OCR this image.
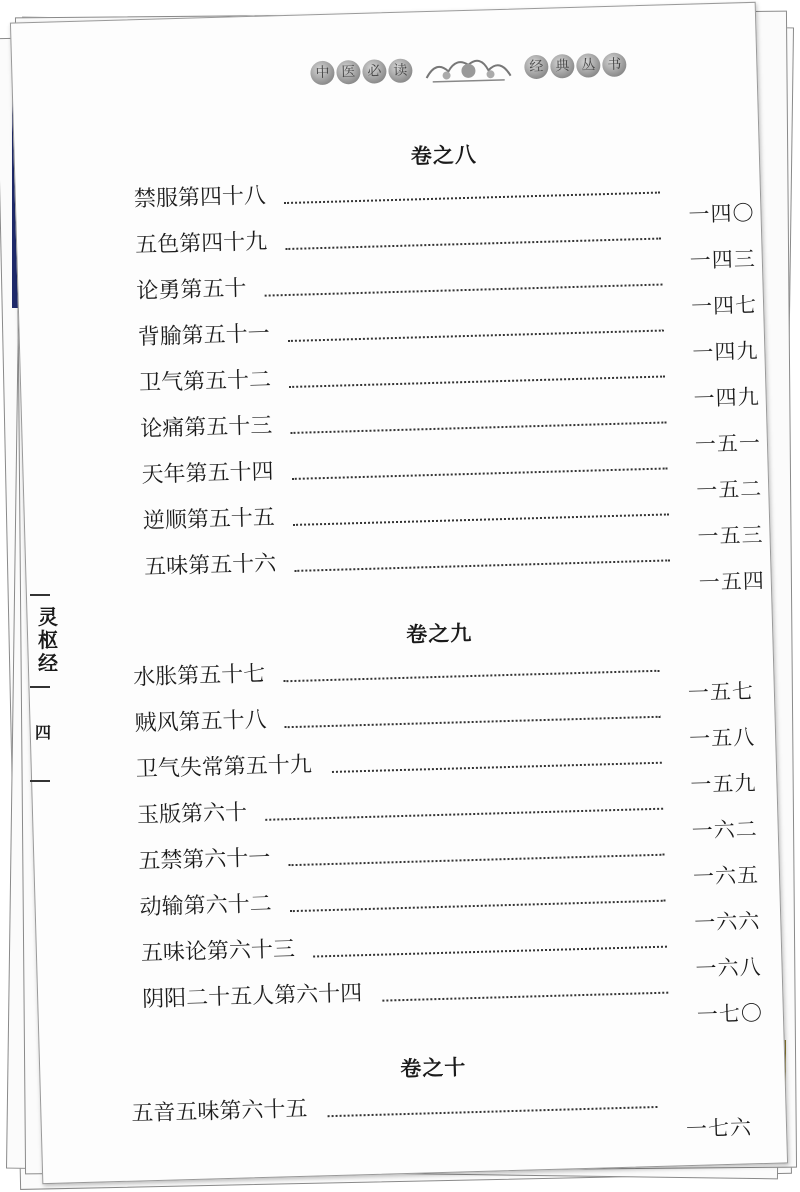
中 医 必 读	经 典 丛 书
卷之八
禁服第四十八
一四〇
五色第四十九
一四三
论勇第五十
一四七
背腧第五十一
一四九
卫气第五十二
一四九
论痛第五十三
一五一
天年第五十四
一五二
逆顺第五十五
一五三
五味第五十六
一五四
卷之九
水胀第五十七
一五七
贼风第五十八
一五八
卫气失常第五十九
一五九
玉版第六十
一六二
五禁第六十一
一六五
动输第六十二
一六六
五味论第六十三
一六八
阴阳二十五人第六十四
一七〇
卷之十
五音五味第六十五
一七六
灵
枢
经
四
